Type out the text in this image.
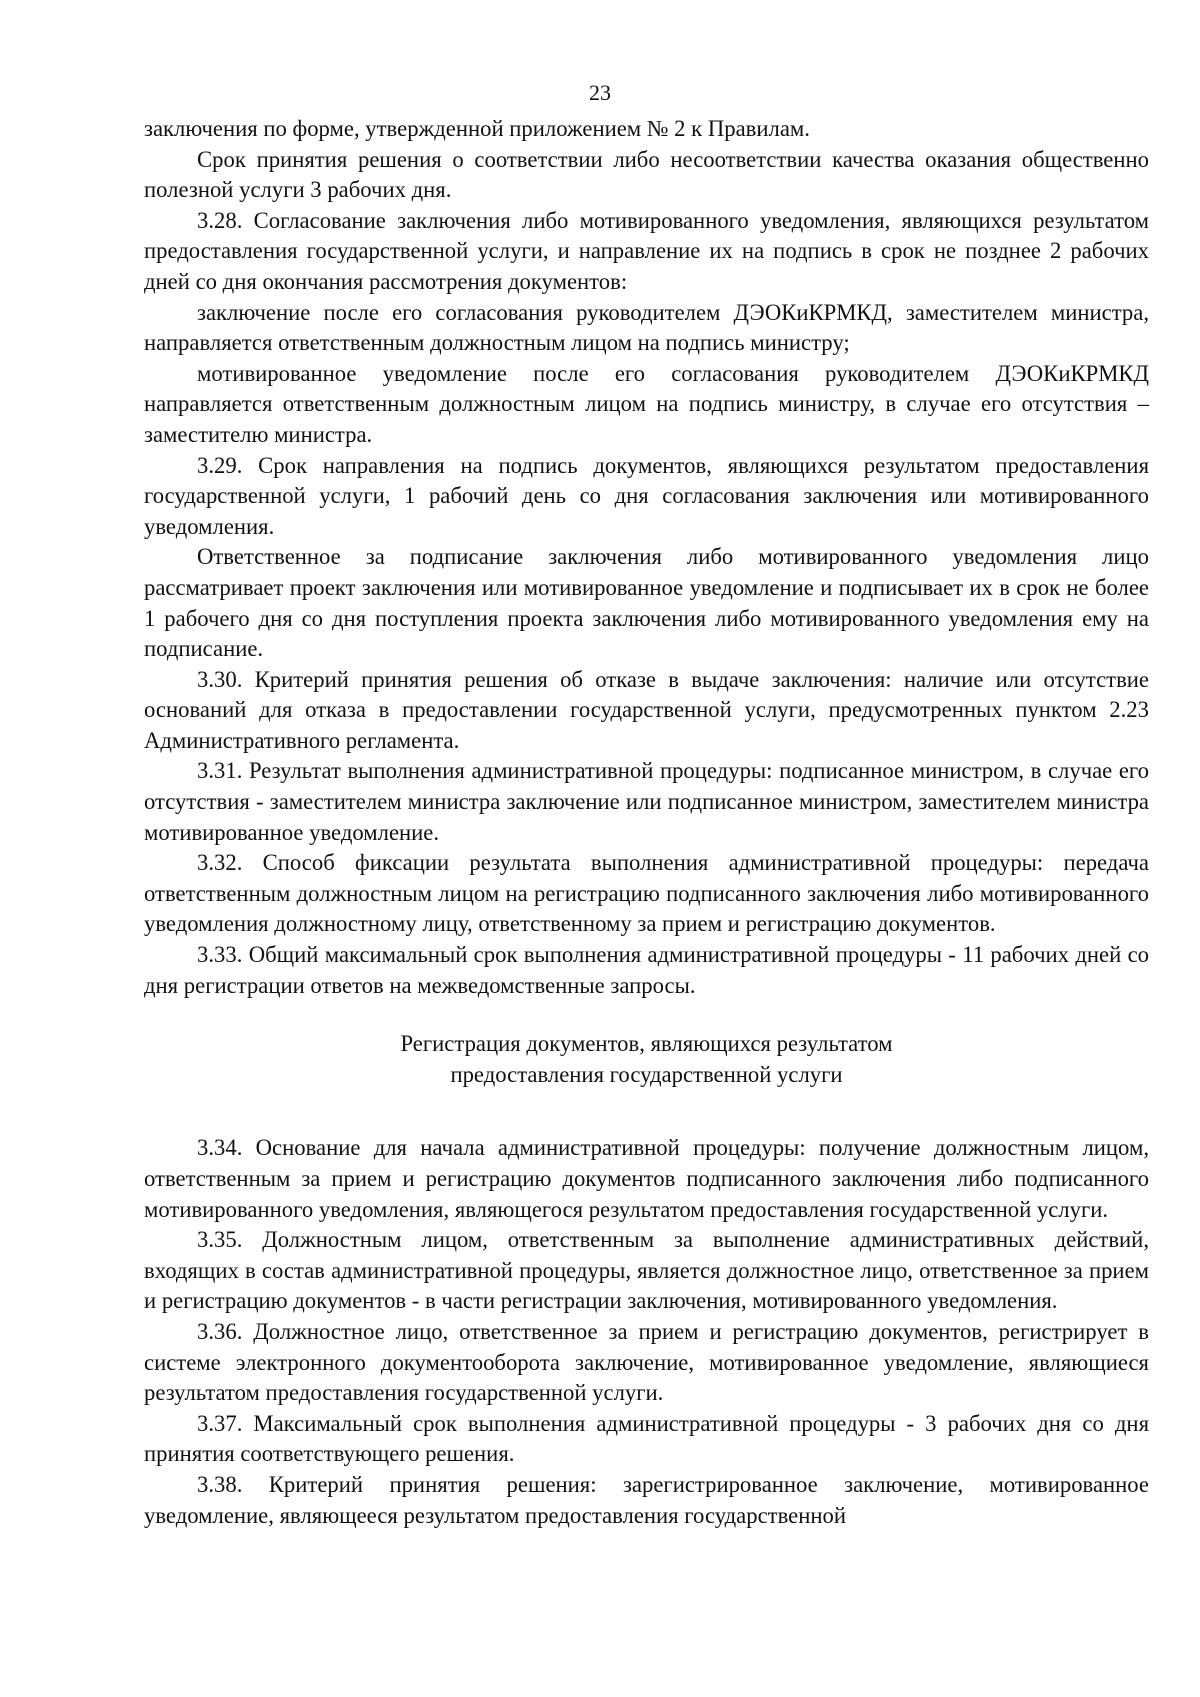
23

заключения по форме, утвержденной приложением № 2 к Правилам.

Срок принятия решения о соответствии либо несоответствии качества оказания общественно полезной услуги 3 рабочих дня.

3.28. Согласование заключения либо мотивированного уведомления, являющихся результатом предоставления государственной услуги, и направление их на подпись в срок не позднее 2 рабочих дней со дня окончания рассмотрения документов:

заключение после его согласования руководителем ДЭОКиКРМКД, заместителем министра, направляется ответственным должностным лицом на подпись министру;

мотивированное уведомление после его согласования руководителем ДЭОКиКРМКД направляется ответственным должностным лицом на подпись министру, в случае его отсутствия – заместителю министра.

3.29. Срок направления на подпись документов, являющихся результатом предоставления государственной услуги, 1 рабочий день со дня согласования заключения или мотивированного уведомления.

Ответственное за подписание заключения либо мотивированного уведомления лицо рассматривает проект заключения или мотивированное уведомление и подписывает их в срок не более 1 рабочего дня со дня поступления проекта заключения либо мотивированного уведомления ему на подписание.

3.30. Критерий принятия решения об отказе в выдаче заключения: наличие или отсутствие оснований для отказа в предоставлении государственной услуги, предусмотренных пунктом 2.23 Административного регламента.

3.31. Результат выполнения административной процедуры: подписанное министром, в случае его отсутствия - заместителем министра заключение или подписанное министром, заместителем министра мотивированное уведомление.

3.32. Способ фиксации результата выполнения административной процедуры: передача ответственным должностным лицом на регистрацию подписанного заключения либо мотивированного уведомления должностному лицу, ответственному за прием и регистрацию документов.

3.33. Общий максимальный срок выполнения административной процедуры - 11 рабочих дней со дня регистрации ответов на межведомственные запросы.

Регистрация документов, являющихся результатом
предоставления государственной услуги

3.34. Основание для начала административной процедуры: получение должностным лицом, ответственным за прием и регистрацию документов подписанного заключения либо подписанного мотивированного уведомления, являющегося результатом предоставления государственной услуги.

3.35. Должностным лицом, ответственным за выполнение административных действий, входящих в состав административной процедуры, является должностное лицо, ответственное за прием и регистрацию документов - в части регистрации заключения, мотивированного уведомления.

3.36. Должностное лицо, ответственное за прием и регистрацию документов, регистрирует в системе электронного документооборота заключение, мотивированное уведомление, являющиеся результатом предоставления государственной услуги.

3.37. Максимальный срок выполнения административной процедуры - 3 рабочих дня со дня принятия соответствующего решения.

3.38. Критерий принятия решения: зарегистрированное заключение, мотивированное уведомление, являющееся результатом предоставления государственной
